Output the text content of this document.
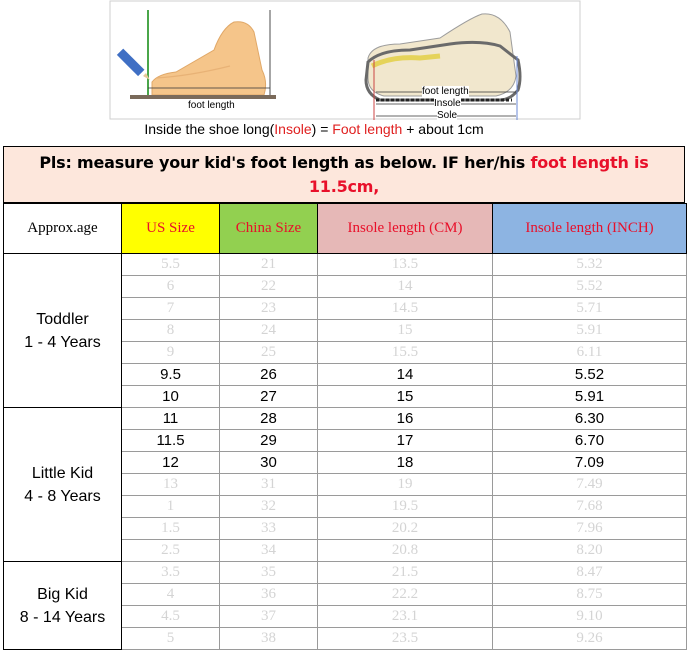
foot length
foot length
Insole
Sole
Inside the shoe long(Insole) = Foot length + about 1cm
Pls: measure your kid's foot length as below. IF her/his foot length is 11.5cm,
Approx.age	US Size	China Size	Insole length (CM)	Insole length (INCH)

Toddler
1 - 4 Years	5.5	21	13.5	5.32
	6	22	14	5.52
	7	23	14.5	5.71
	8	24	15	5.91
	9	25	15.5	6.11
	9.5	26	14	5.52
	10	27	15	5.91

Little Kid
4 - 8 Years	11	28	16	6.30
	11.5	29	17	6.70
	12	30	18	7.09
	13	31	19	7.49
	1	32	19.5	7.68
	1.5	33	20.2	7.96
	2.5	34	20.8	8.20

Big Kid
8 - 14 Years	3.5	35	21.5	8.47
	4	36	22.2	8.75
	4.5	37	23.1	9.10
	5	38	23.5	9.26
